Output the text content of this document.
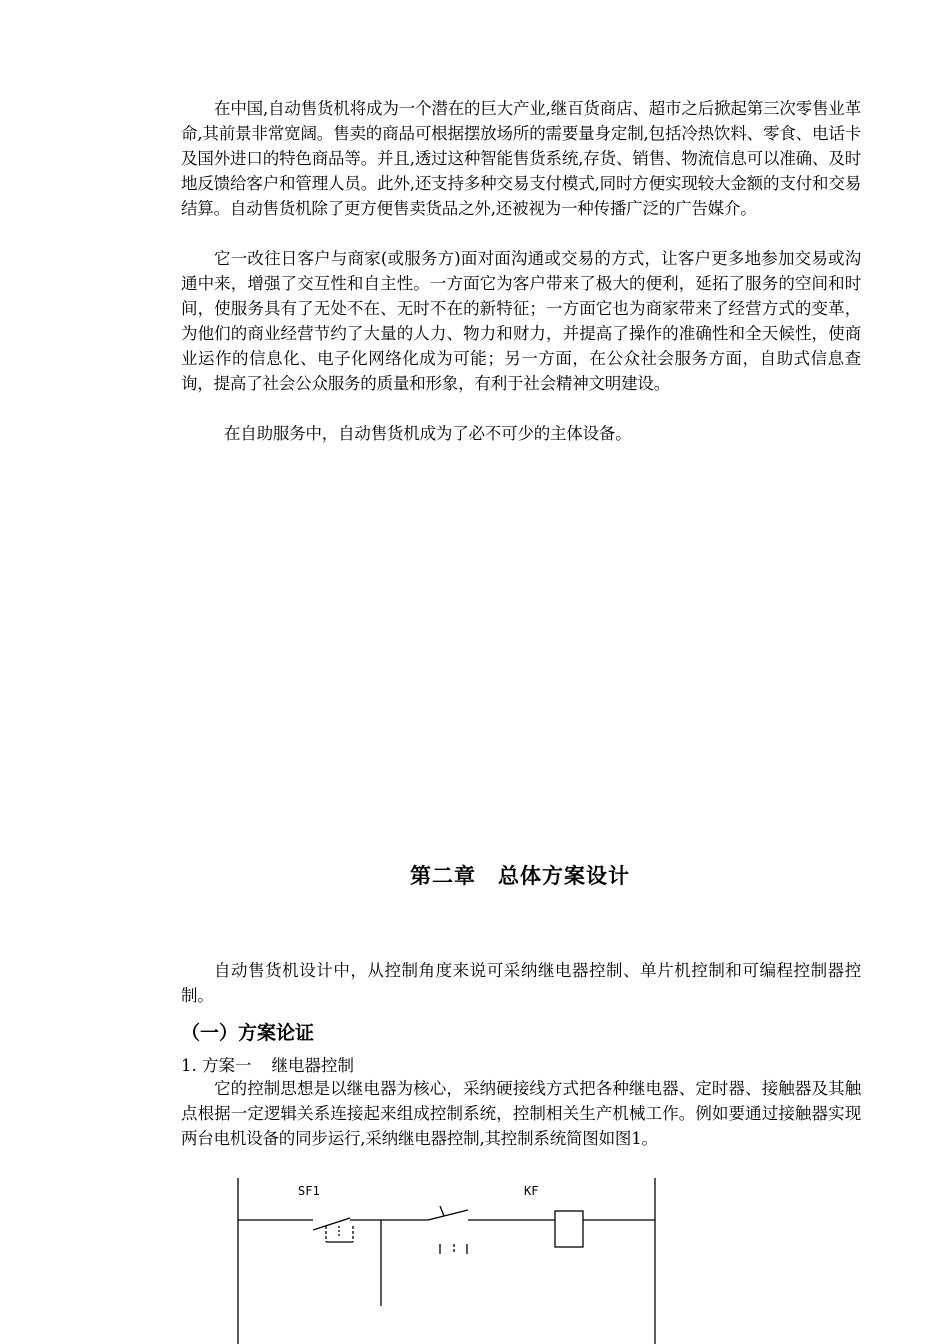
在中国,自动售货机将成为一个潜在的巨大产业,继百货商店、超市之后掀起第三次零售业革命,其前景非常宽阔。售卖的商品可根据摆放场所的需要量身定制,包括冷热饮料、零食、电话卡及国外进口的特色商品等。并且,透过这种智能售货系统,存货、销售、物流信息可以准确、及时地反馈给客户和管理人员。此外,还支持多种交易支付模式,同时方便实现较大金额的支付和交易结算。自动售货机除了更方便售卖货品之外,还被视为一种传播广泛的广告媒介。

它一改往日客户与商家(或服务方)面对面沟通或交易的方式，让客户更多地参加交易或沟通中来，增强了交互性和自主性。一方面它为客户带来了极大的便利，延拓了服务的空间和时间，使服务具有了无处不在、无时不在的新特征；一方面它也为商家带来了经营方式的变革，为他们的商业经营节约了大量的人力、物力和财力，并提高了操作的准确性和全天候性，使商业运作的信息化、电子化网络化成为可能；另一方面，在公众社会服务方面，自助式信息查询，提高了社会公众服务的质量和形象，有利于社会精神文明建设。

在自助服务中，自动售货机成为了必不可少的主体设备。

第二章　总体方案设计

自动售货机设计中，从控制角度来说可采纳继电器控制、单片机控制和可编程控制器控制。

（一）方案论证

1. 方案一 继电器控制

它的控制思想是以继电器为核心，采纳硬接线方式把各种继电器、定时器、接触器及其触点根据一定逻辑关系连接起来组成控制系统，控制相关生产机械工作。例如要通过接触器实现两台电机设备的同步运行,采纳继电器控制,其控制系统简图如图1。

SF1	KF
